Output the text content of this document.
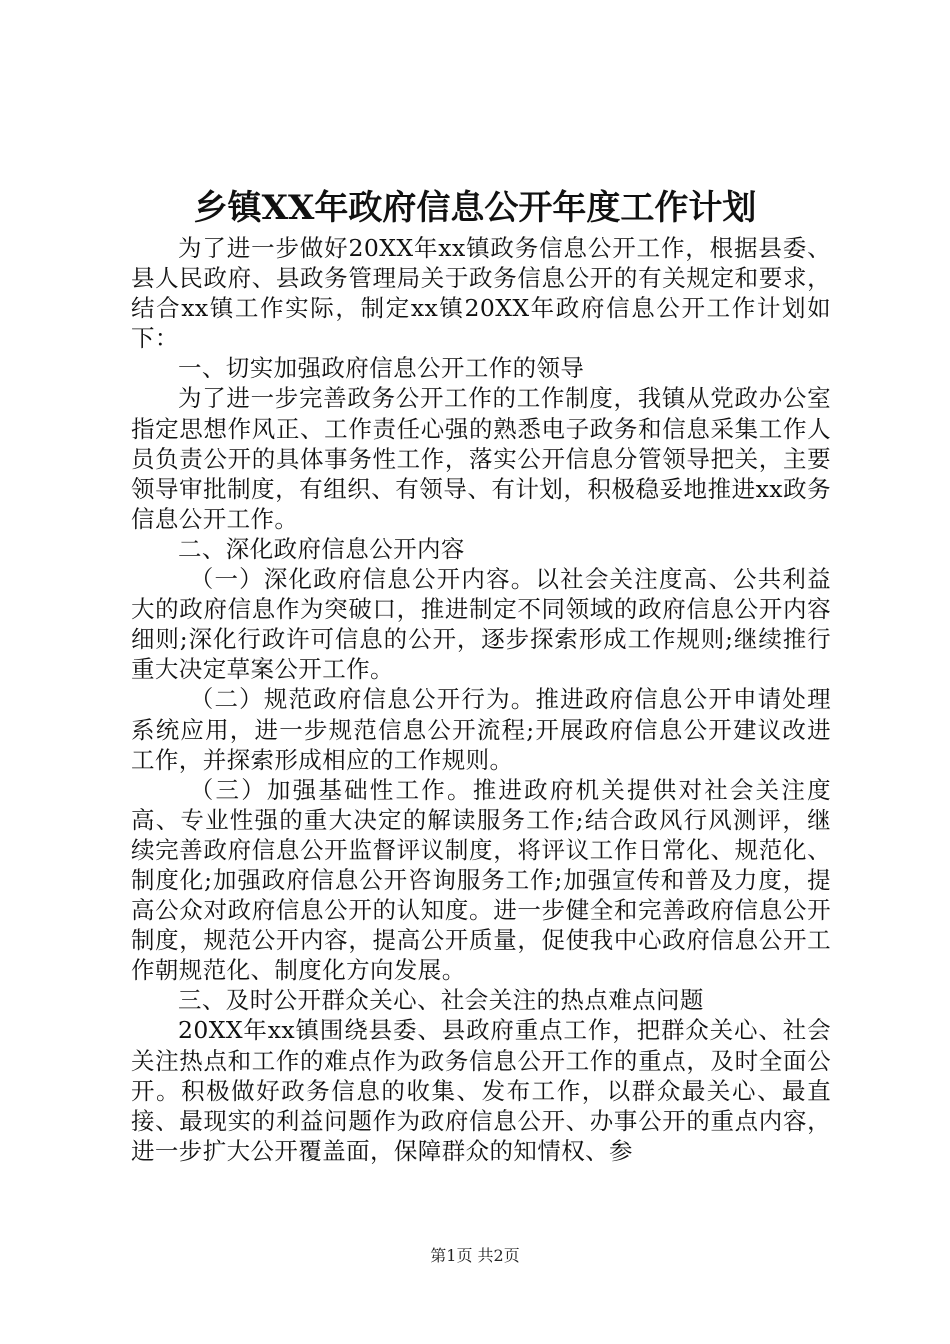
乡镇XX年政府信息公开年度工作计划

为了进一步做好20XX年xx镇政务信息公开工作，根据县委、县人民政府、县政务管理局关于政务信息公开的有关规定和要求，结合xx镇工作实际，制定xx镇20XX年政府信息公开工作计划如下：

一、切实加强政府信息公开工作的领导

为了进一步完善政务公开工作的工作制度，我镇从党政办公室指定思想作风正、工作责任心强的熟悉电子政务和信息采集工作人员负责公开的具体事务性工作，落实公开信息分管领导把关，主要领导审批制度，有组织、有领导、有计划，积极稳妥地推进xx政务信息公开工作。

二、深化政府信息公开内容

（一）深化政府信息公开内容。以社会关注度高、公共利益大的政府信息作为突破口，推进制定不同领域的政府信息公开内容细则;深化行政许可信息的公开，逐步探索形成工作规则;继续推行重大决定草案公开工作。

（二）规范政府信息公开行为。推进政府信息公开申请处理系统应用，进一步规范信息公开流程;开展政府信息公开建议改进工作，并探索形成相应的工作规则。

（三）加强基础性工作。推进政府机关提供对社会关注度高、专业性强的重大决定的解读服务工作;结合政风行风测评，继续完善政府信息公开监督评议制度，将评议工作日常化、规范化、制度化;加强政府信息公开咨询服务工作;加强宣传和普及力度，提高公众对政府信息公开的认知度。进一步健全和完善政府信息公开制度，规范公开内容，提高公开质量，促使我中心政府信息公开工作朝规范化、制度化方向发展。

三、及时公开群众关心、社会关注的热点难点问题

20XX年xx镇围绕县委、县政府重点工作，把群众关心、社会关注热点和工作的难点作为政务信息公开工作的重点，及时全面公开。积极做好政务信息的收集、发布工作，以群众最关心、最直接、最现实的利益问题作为政府信息公开、办事公开的重点内容，进一步扩大公开覆盖面，保障群众的知情权、参

第1页 共2页
